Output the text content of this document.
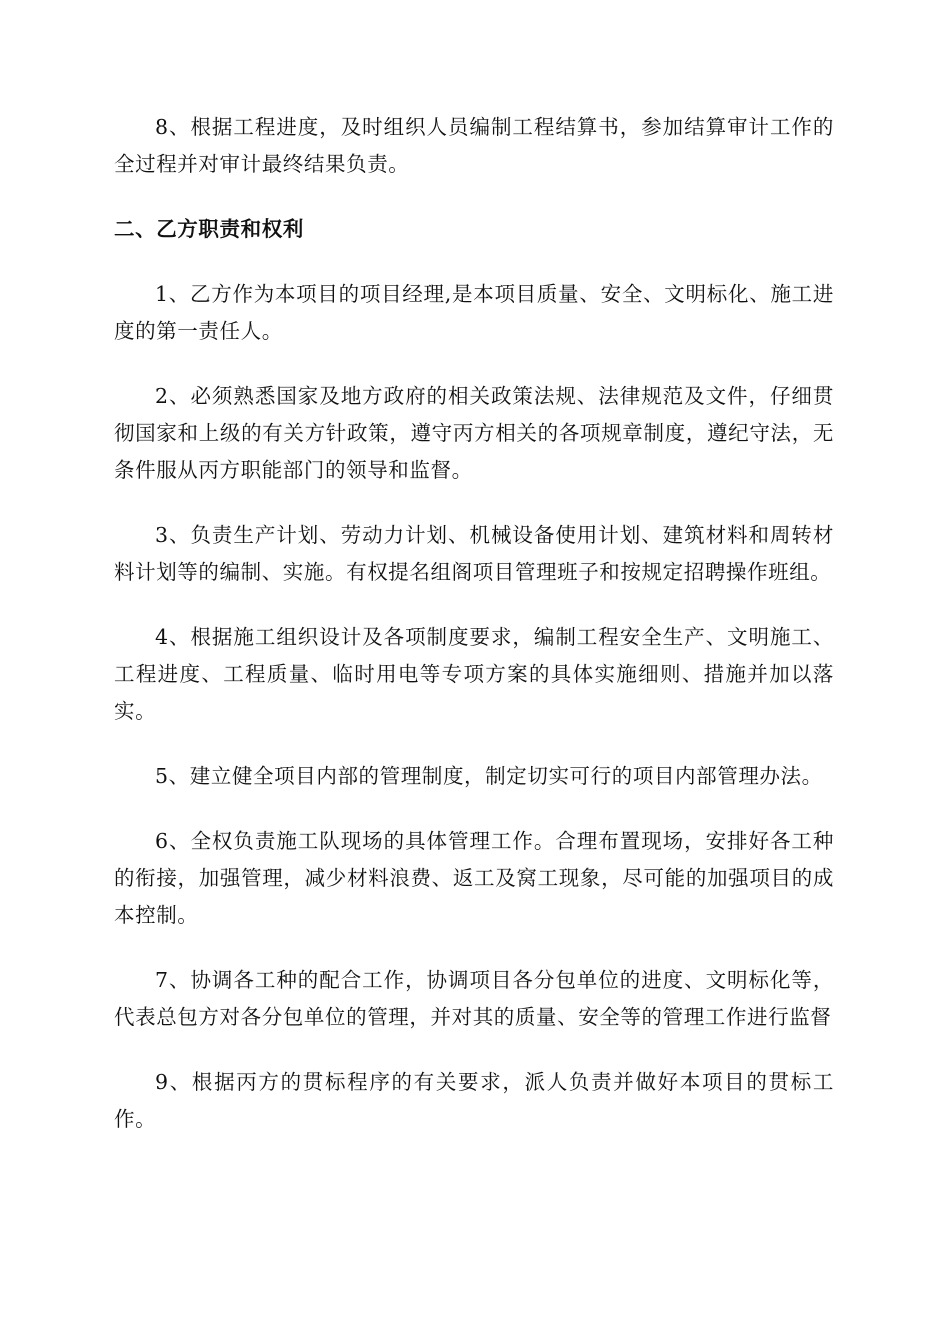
8、根据工程进度，及时组织人员编制工程结算书，参加结算审计工作的全过程并对审计最终结果负责。

二、乙方职责和权利

1、乙方作为本项目的项目经理,是本项目质量、安全、文明标化、施工进度的第一责任人。

2、必须熟悉国家及地方政府的相关政策法规、法律规范及文件，仔细贯彻国家和上级的有关方针政策，遵守丙方相关的各项规章制度，遵纪守法，无条件服从丙方职能部门的领导和监督。

3、负责生产计划、劳动力计划、机械设备使用计划、建筑材料和周转材料计划等的编制、实施。有权提名组阁项目管理班子和按规定招聘操作班组。

4、根据施工组织设计及各项制度要求，编制工程安全生产、文明施工、工程进度、工程质量、临时用电等专项方案的具体实施细则、措施并加以落实。

5、建立健全项目内部的管理制度，制定切实可行的项目内部管理办法。

6、全权负责施工队现场的具体管理工作。合理布置现场，安排好各工种的衔接，加强管理，减少材料浪费、返工及窝工现象，尽可能的加强项目的成本控制。

7、协调各工种的配合工作，协调项目各分包单位的进度、文明标化等，代表总包方对各分包单位的管理，并对其的质量、安全等的管理工作进行监督

9、根据丙方的贯标程序的有关要求，派人负责并做好本项目的贯标工作。
